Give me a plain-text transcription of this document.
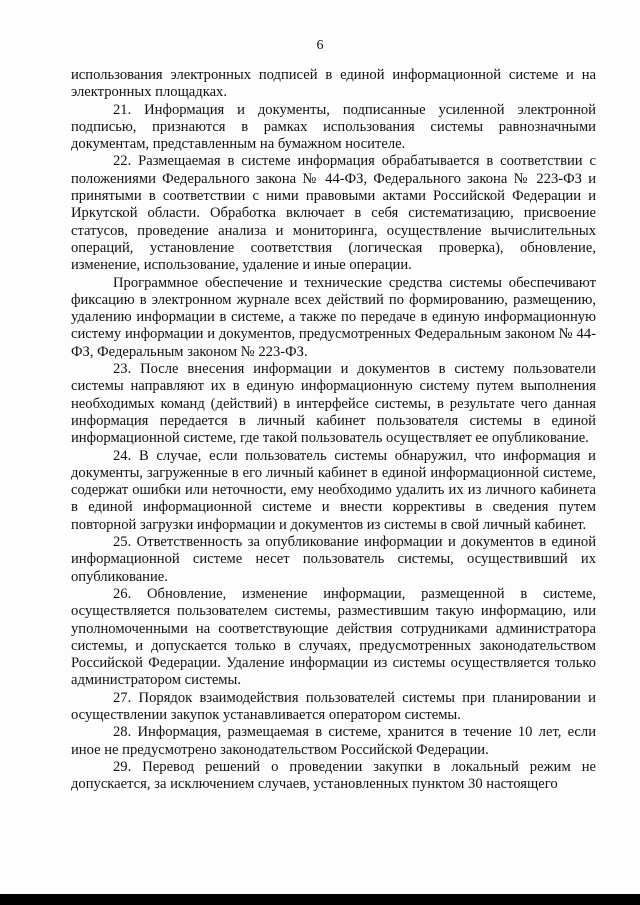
6

использования электронных подписей в единой информационной системе и на электронных площадках.

21. Информация и документы, подписанные усиленной электронной подписью, признаются в рамках использования системы равнозначными документам, представленным на бумажном носителе.

22. Размещаемая в системе информация обрабатывается в соответствии с положениями Федерального закона № 44-ФЗ, Федерального закона № 223-ФЗ и принятыми в соответствии с ними правовыми актами Российской Федерации и Иркутской области. Обработка включает в себя систематизацию, присвоение статусов, проведение анализа и мониторинга, осуществление вычислительных операций, установление соответствия (логическая проверка), обновление, изменение, использование, удаление и иные операции.

Программное обеспечение и технические средства системы обеспечивают фиксацию в электронном журнале всех действий по формированию, размещению, удалению информации в системе, а также по передаче в единую информационную систему информации и документов, предусмотренных Федеральным законом № 44-ФЗ, Федеральным законом № 223-ФЗ.

23. После внесения информации и документов в систему пользователи системы направляют их в единую информационную систему путем выполнения необходимых команд (действий) в интерфейсе системы, в результате чего данная информация передается в личный кабинет пользователя системы в единой информационной системе, где такой пользователь осуществляет ее опубликование.

24. В случае, если пользователь системы обнаружил, что информация и документы, загруженные в его личный кабинет в единой информационной системе, содержат ошибки или неточности, ему необходимо удалить их из личного кабинета в единой информационной системе и внести коррективы в сведения путем повторной загрузки информации и документов из системы в свой личный кабинет.

25. Ответственность за опубликование информации и документов в единой информационной системе несет пользователь системы, осуществивший их опубликование.

26. Обновление, изменение информации, размещенной в системе, осуществляется пользователем системы, разместившим такую информацию, или уполномоченными на соответствующие действия сотрудниками администратора системы, и допускается только в случаях, предусмотренных законодательством Российской Федерации. Удаление информации из системы осуществляется только администратором системы.

27. Порядок взаимодействия пользователей системы при планировании и осуществлении закупок устанавливается оператором системы.

28. Информация, размещаемая в системе, хранится в течение 10 лет, если иное не предусмотрено законодательством Российской Федерации.

29. Перевод решений о проведении закупки в локальный режим не допускается, за исключением случаев, установленных пунктом 30 настоящего
